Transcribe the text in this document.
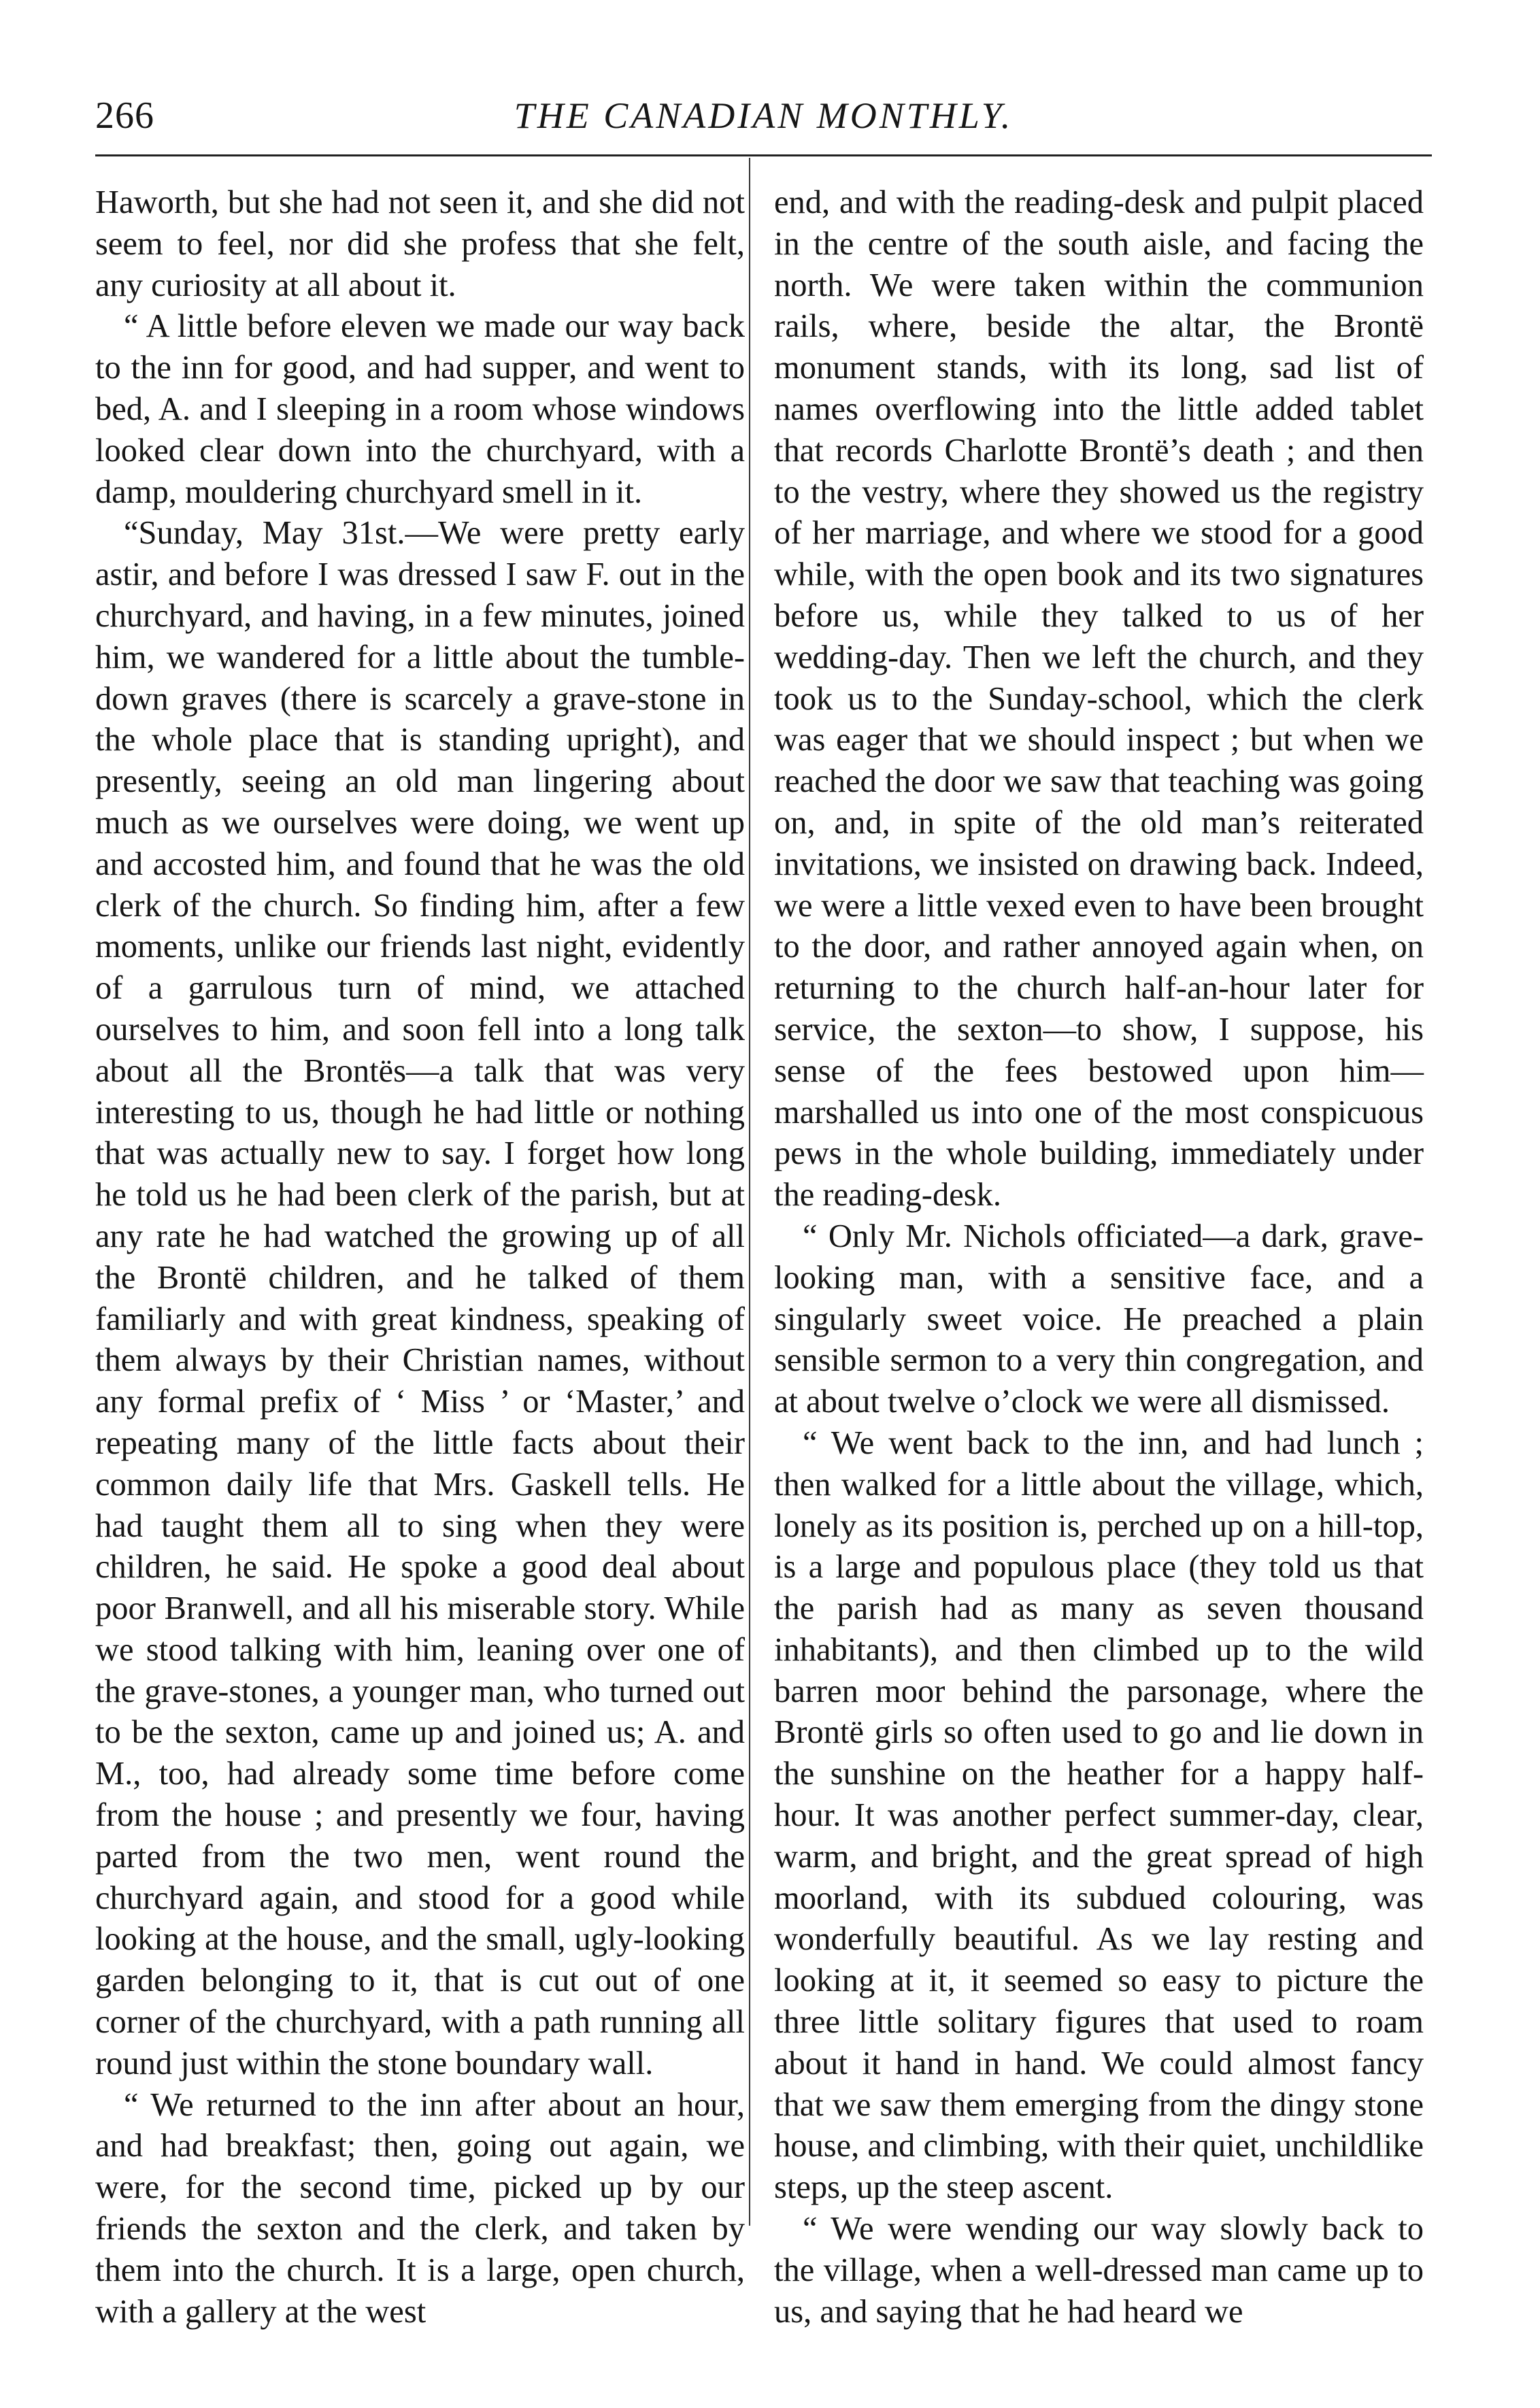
266	THE CANADIAN MONTHLY.

Haworth, but she had not seen it, and she did not seem to feel, nor did she profess that she felt, any curiosity at all about it.

“ A little before eleven we made our way back to the inn for good, and had supper, and went to bed, A. and I sleeping in a room whose windows looked clear down into the churchyard, with a damp, mouldering churchyard smell in it.

“Sunday, May 31st.—We were pretty early astir, and before I was dressed I saw F. out in the churchyard, and having, in a few minutes, joined him, we wandered for a little about the tumble-down graves (there is scarcely a grave-stone in the whole place that is standing upright), and presently, seeing an old man lingering about much as we ourselves were doing, we went up and accosted him, and found that he was the old clerk of the church. So finding him, after a few moments, unlike our friends last night, evidently of a garrulous turn of mind, we attached ourselves to him, and soon fell into a long talk about all the Brontës—a talk that was very interesting to us, though he had little or nothing that was actually new to say. I forget how long he told us he had been clerk of the parish, but at any rate he had watched the growing up of all the Brontë children, and he talked of them familiarly and with great kindness, speaking of them always by their Christian names, without any formal prefix of ‘ Miss ’ or ‘Master,’ and repeating many of the little facts about their common daily life that Mrs. Gaskell tells. He had taught them all to sing when they were children, he said. He spoke a good deal about poor Branwell, and all his miserable story. While we stood talking with him, leaning over one of the grave-stones, a younger man, who turned out to be the sexton, came up and joined us; A. and M., too, had already some time before come from the house ; and presently we four, having parted from the two men, went round the churchyard again, and stood for a good while looking at the house, and the small, ugly-looking garden belonging to it, that is cut out of one corner of the churchyard, with a path running all round just within the stone boundary wall.

“ We returned to the inn after about an hour, and had breakfast; then, going out again, we were, for the second time, picked up by our friends the sexton and the clerk, and taken by them into the church. It is a large, open church, with a gallery at the west

end, and with the reading-desk and pulpit placed in the centre of the south aisle, and facing the north. We were taken within the communion rails, where, beside the altar, the Brontë monument stands, with its long, sad list of names overflowing into the little added tablet that records Charlotte Brontë’s death ; and then to the vestry, where they showed us the registry of her marriage, and where we stood for a good while, with the open book and its two signatures before us, while they talked to us of her wedding-day. Then we left the church, and they took us to the Sunday-school, which the clerk was eager that we should inspect ; but when we reached the door we saw that teaching was going on, and, in spite of the old man’s reiterated invitations, we insisted on drawing back. Indeed, we were a little vexed even to have been brought to the door, and rather annoyed again when, on returning to the church half-an-hour later for service, the sexton—to show, I suppose, his sense of the fees bestowed upon him—marshalled us into one of the most conspicuous pews in the whole building, immediately under the reading-desk.

“ Only Mr. Nichols officiated—a dark, grave-looking man, with a sensitive face, and a singularly sweet voice. He preached a plain sensible sermon to a very thin congregation, and at about twelve o’clock we were all dismissed.

“ We went back to the inn, and had lunch ; then walked for a little about the village, which, lonely as its position is, perched up on a hill-top, is a large and populous place (they told us that the parish had as many as seven thousand inhabitants), and then climbed up to the wild barren moor behind the parsonage, where the Brontë girls so often used to go and lie down in the sunshine on the heather for a happy half-hour. It was another perfect summer-day, clear, warm, and bright, and the great spread of high moorland, with its subdued colouring, was wonderfully beautiful. As we lay resting and looking at it, it seemed so easy to picture the three little solitary figures that used to roam about it hand in hand. We could almost fancy that we saw them emerging from the dingy stone house, and climbing, with their quiet, unchildlike steps, up the steep ascent.

“ We were wending our way slowly back to the village, when a well-dressed man came up to us, and saying that he had heard we
